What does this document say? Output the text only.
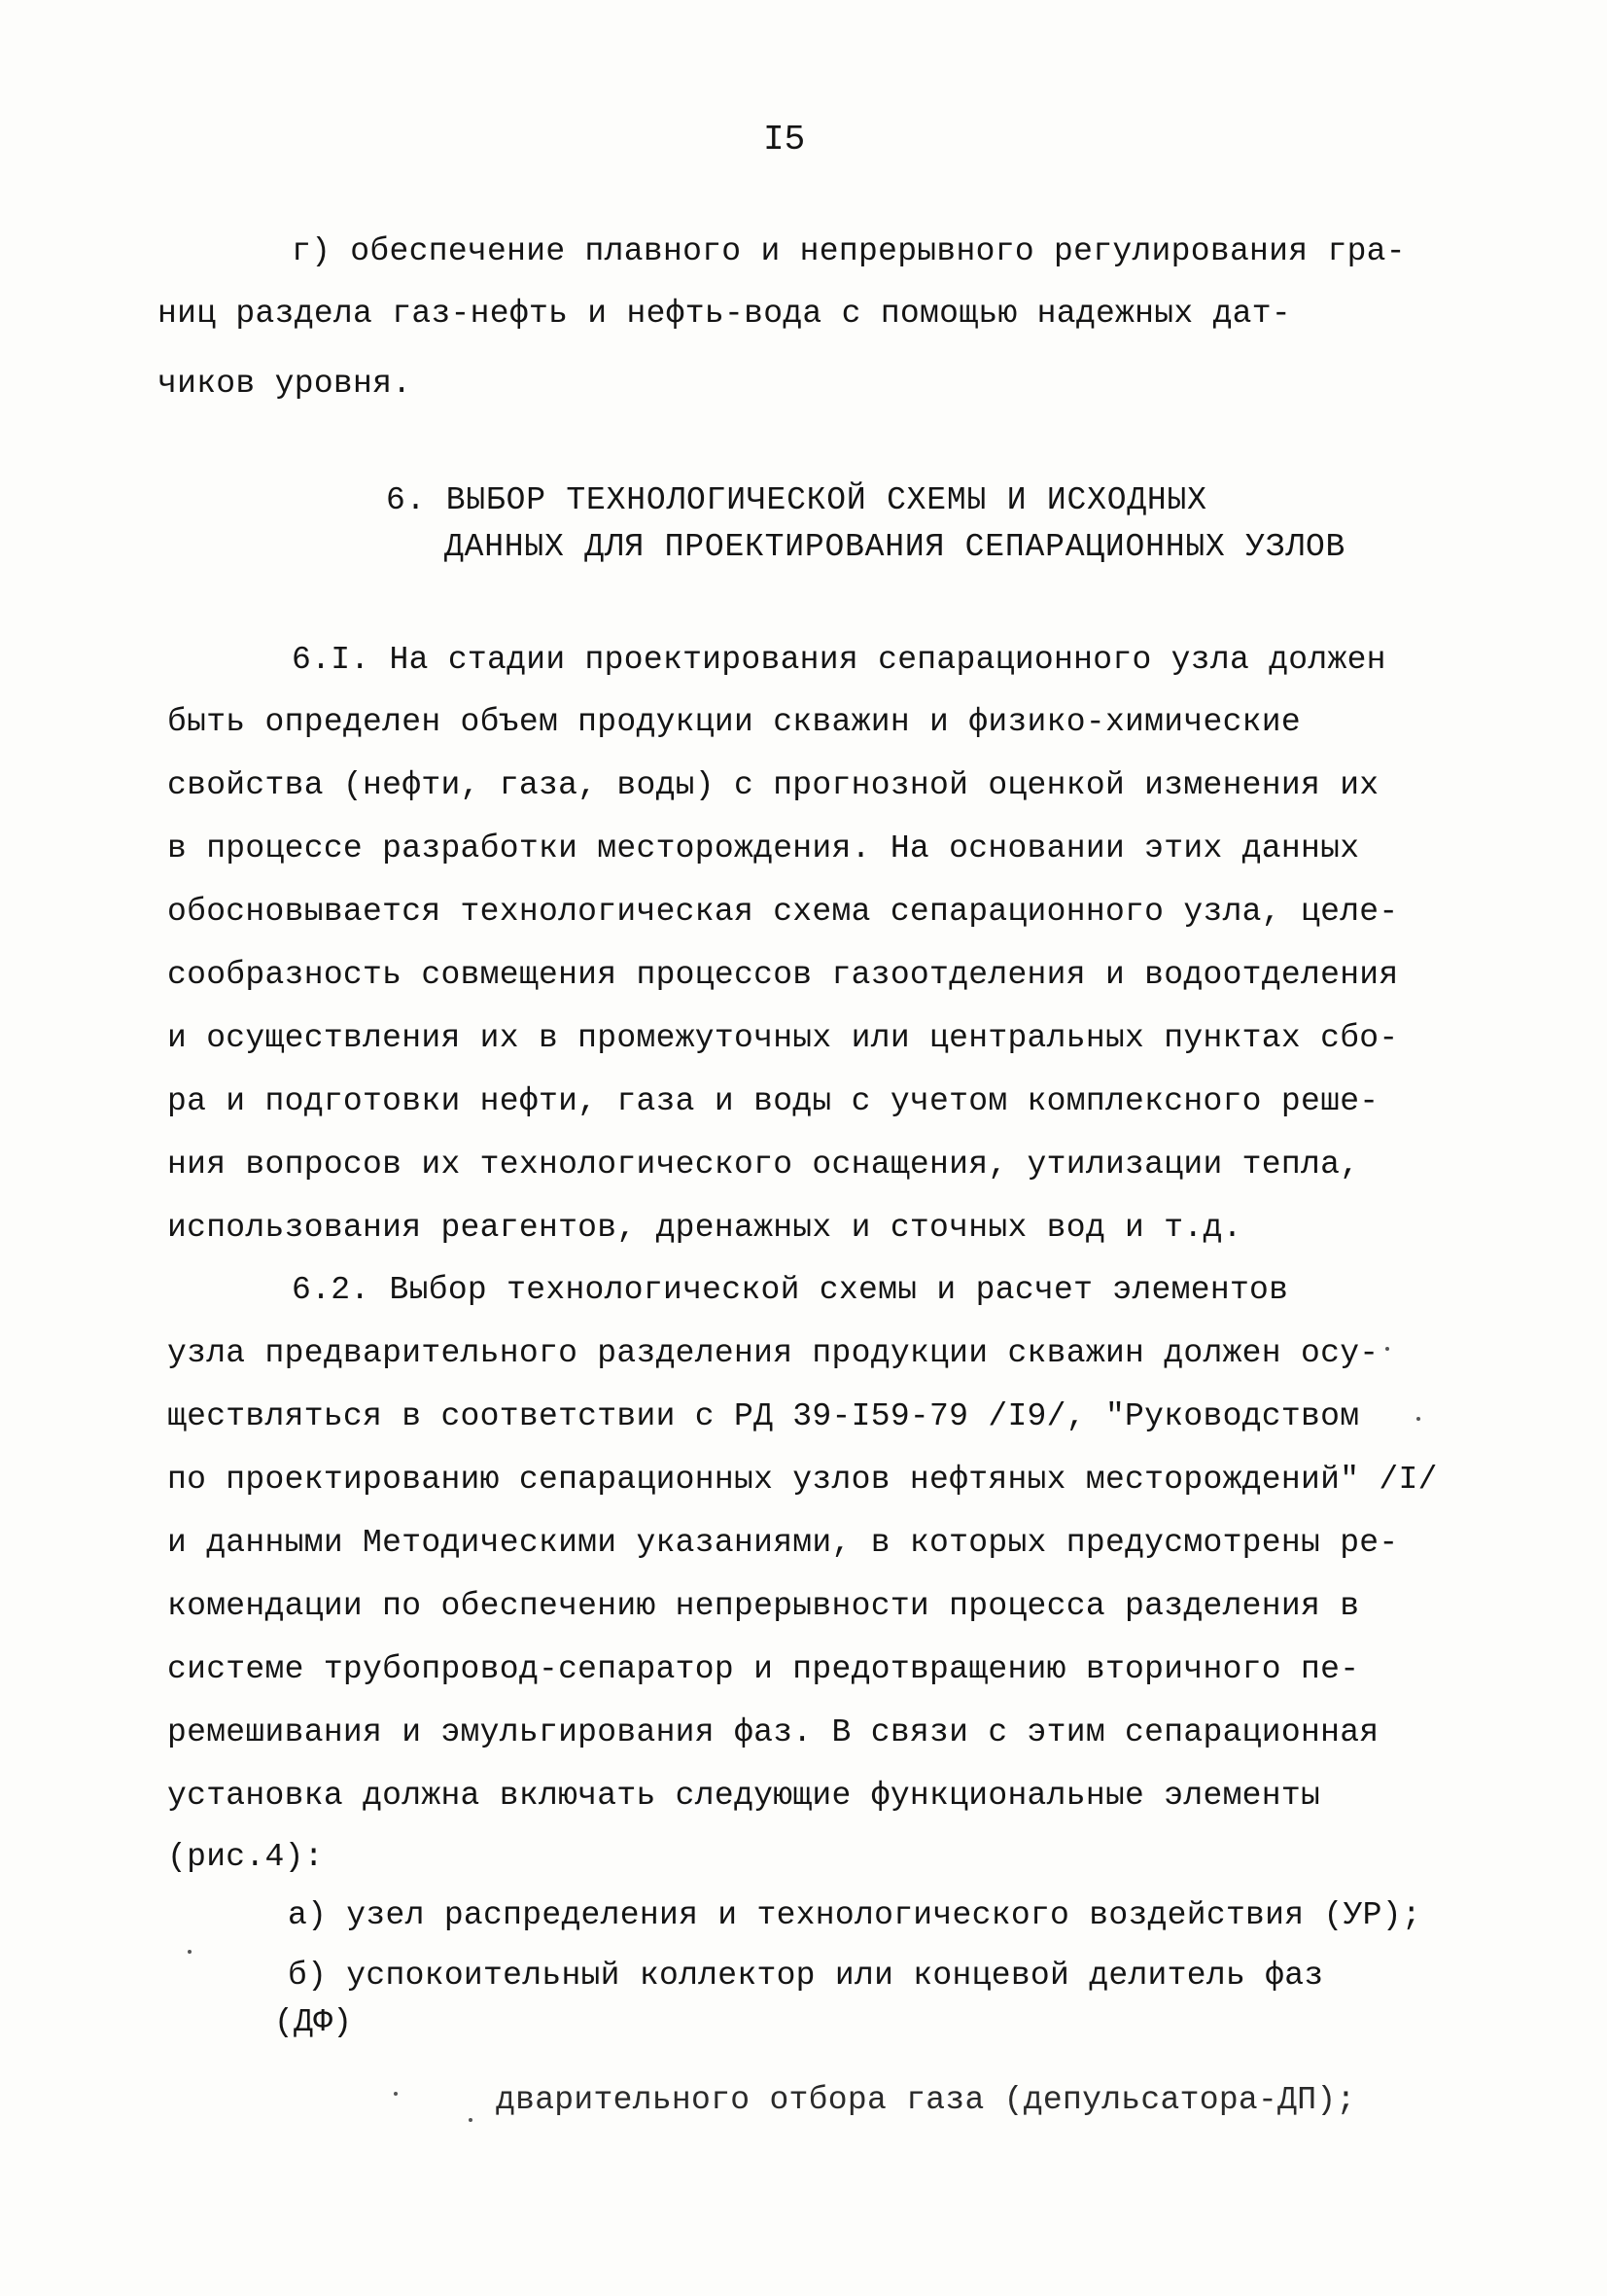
I5
г) обеспечение плавного и непрерывного регулирования гра-
ниц раздела газ-нефть и нефть-вода с помощью надежных дат-
чиков уровня.
6. ВЫБОР ТЕХНОЛОГИЧЕСКОЙ СХЕМЫ И ИСХОДНЫХ
ДАННЫХ ДЛЯ ПРОЕКТИРОВАНИЯ СЕПАРАЦИОННЫХ УЗЛОВ
6.I. На стадии проектирования сепарационного узла должен
быть определен объем продукции скважин и физико-химические
свойства (нефти, газа, воды) с прогнозной оценкой изменения их
в процессе разработки месторождения. На основании этих данных
обосновывается технологическая схема сепарационного узла, целе-
сообразность совмещения процессов газоотделения и водоотделения
и осуществления их в промежуточных или центральных пунктах сбо-
ра и подготовки нефти, газа и воды с учетом комплексного реше-
ния вопросов их технологического оснащения, утилизации тепла,
использования реагентов, дренажных и сточных вод и т.д.
6.2. Выбор технологической схемы и расчет элементов
узла предварительного разделения продукции скважин должен осу-
ществляться в соответствии с РД 39-I59-79 /I9/, "Руководством
по проектированию сепарационных узлов нефтяных месторождений" /I/
и данными Методическими указаниями, в которых предусмотрены ре-
комендации по обеспечению непрерывности процесса разделения в
системе трубопровод-сепаратор и предотвращению вторичного пе-
ремешивания и эмульгирования фаз. В связи с этим сепарационная
установка должна включать следующие функциональные элементы
(рис.4):
а) узел распределения и технологического воздействия (УР);
б) успокоительный коллектор или концевой делитель фаз
(ДФ)
дварительного отбора газа (депульсатора-ДП);
